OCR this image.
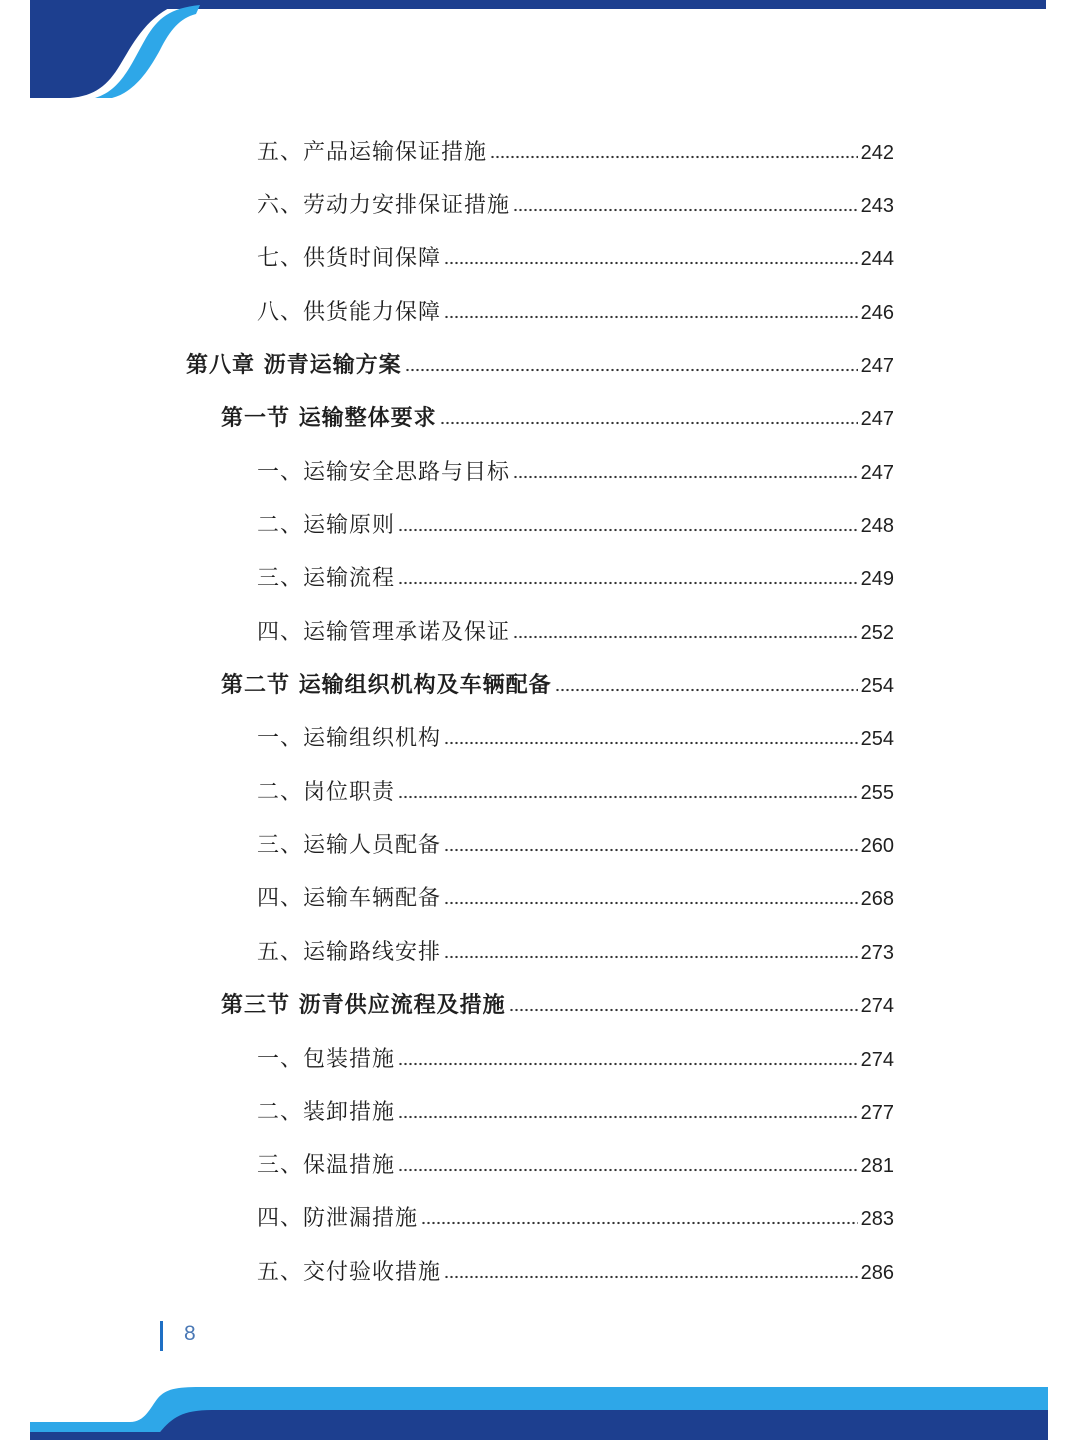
五、产品运输保证措施	242
六、劳动力安排保证措施	243
七、供货时间保障	244
八、供货能力保障	246
第八章 沥青运输方案	247
第一节 运输整体要求	247
一、运输安全思路与目标	247
二、运输原则	248
三、运输流程	249
四、运输管理承诺及保证	252
第二节 运输组织机构及车辆配备	254
一、运输组织机构	254
二、岗位职责	255
三、运输人员配备	260
四、运输车辆配备	268
五、运输路线安排	273
第三节 沥青供应流程及措施	274
一、包装措施	274
二、装卸措施	277
三、保温措施	281
四、防泄漏措施	283
五、交付验收措施	286
8
